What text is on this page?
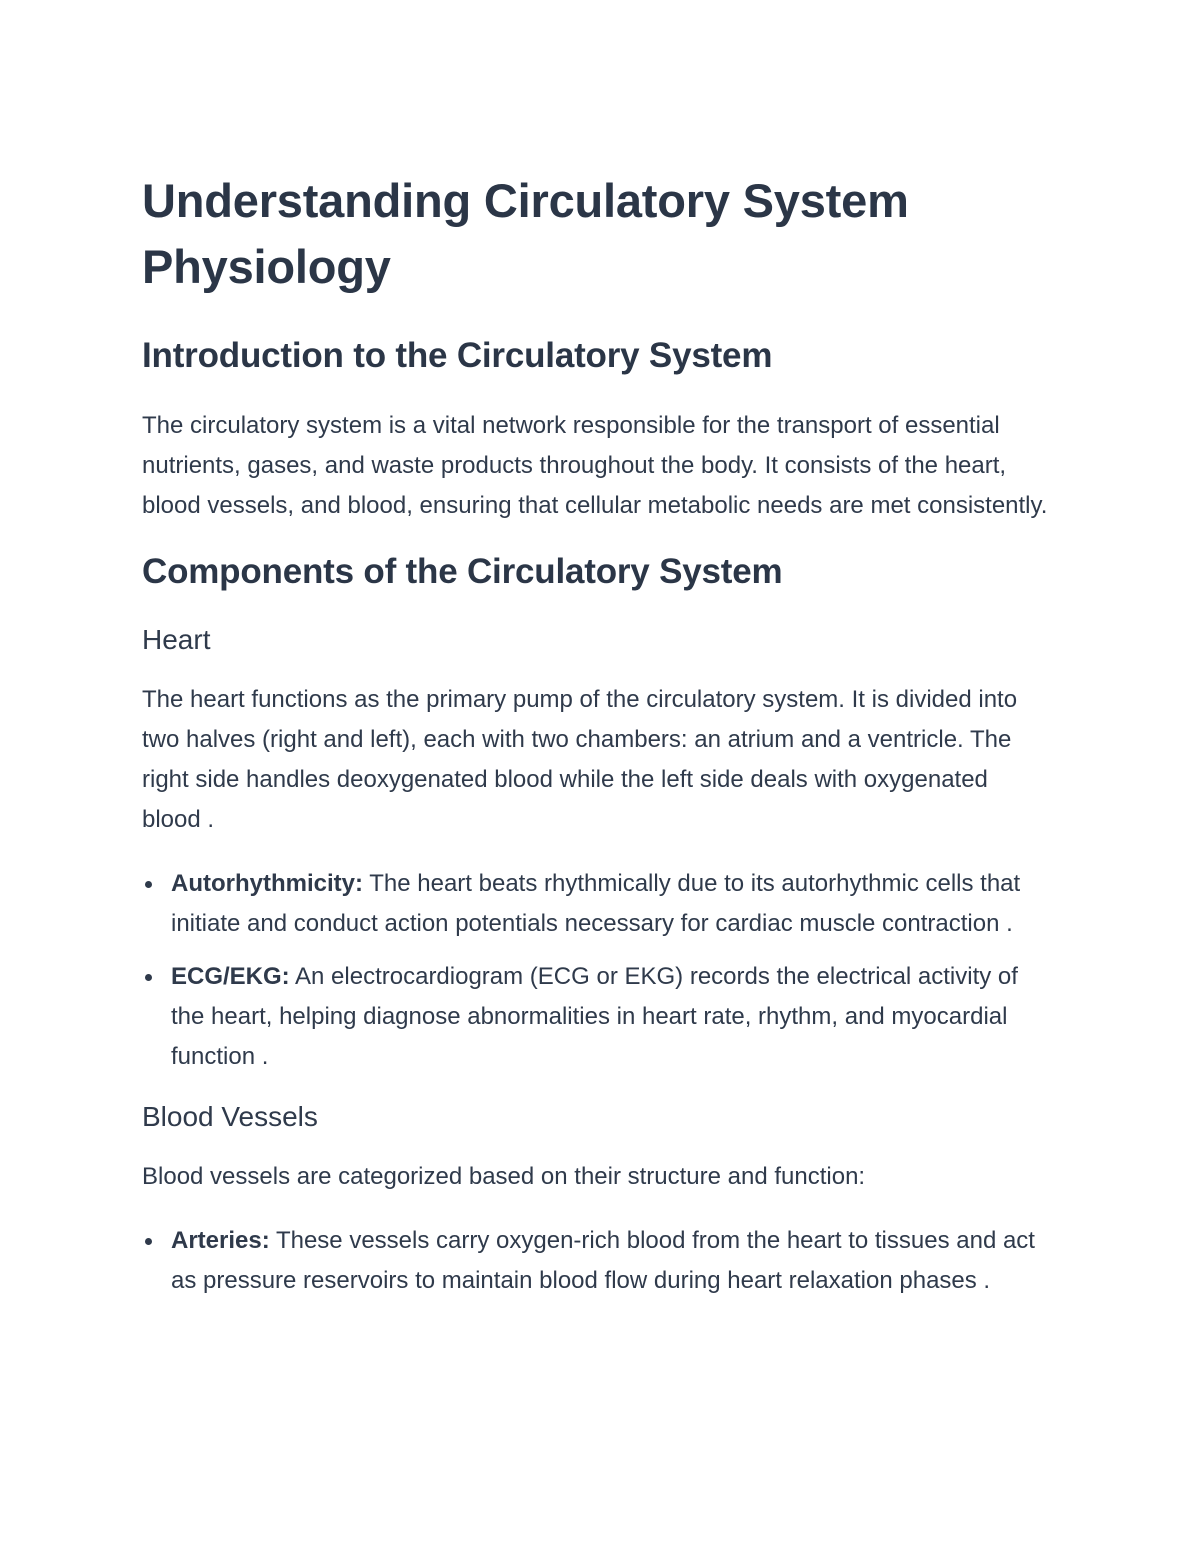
Understanding Circulatory System Physiology
Introduction to the Circulatory System

The circulatory system is a vital network responsible for the transport of essential nutrients, gases, and waste products throughout the body. It consists of the heart, blood vessels, and blood, ensuring that cellular metabolic needs are met consistently.

Components of the Circulatory System
Heart

The heart functions as the primary pump of the circulatory system. It is divided into two halves (right and left), each with two chambers: an atrium and a ventricle. The right side handles deoxygenated blood while the left side deals with oxygenated blood .

Autorhythmicity: The heart beats rhythmically due to its autorhythmic cells that initiate and conduct action potentials necessary for cardiac muscle contraction .
ECG/EKG: An electrocardiogram (ECG or EKG) records the electrical activity of the heart, helping diagnose abnormalities in heart rate, rhythm, and myocardial function .
Blood Vessels

Blood vessels are categorized based on their structure and function:

Arteries: These vessels carry oxygen-rich blood from the heart to tissues and act as pressure reservoirs to maintain blood flow during heart relaxation phases .
